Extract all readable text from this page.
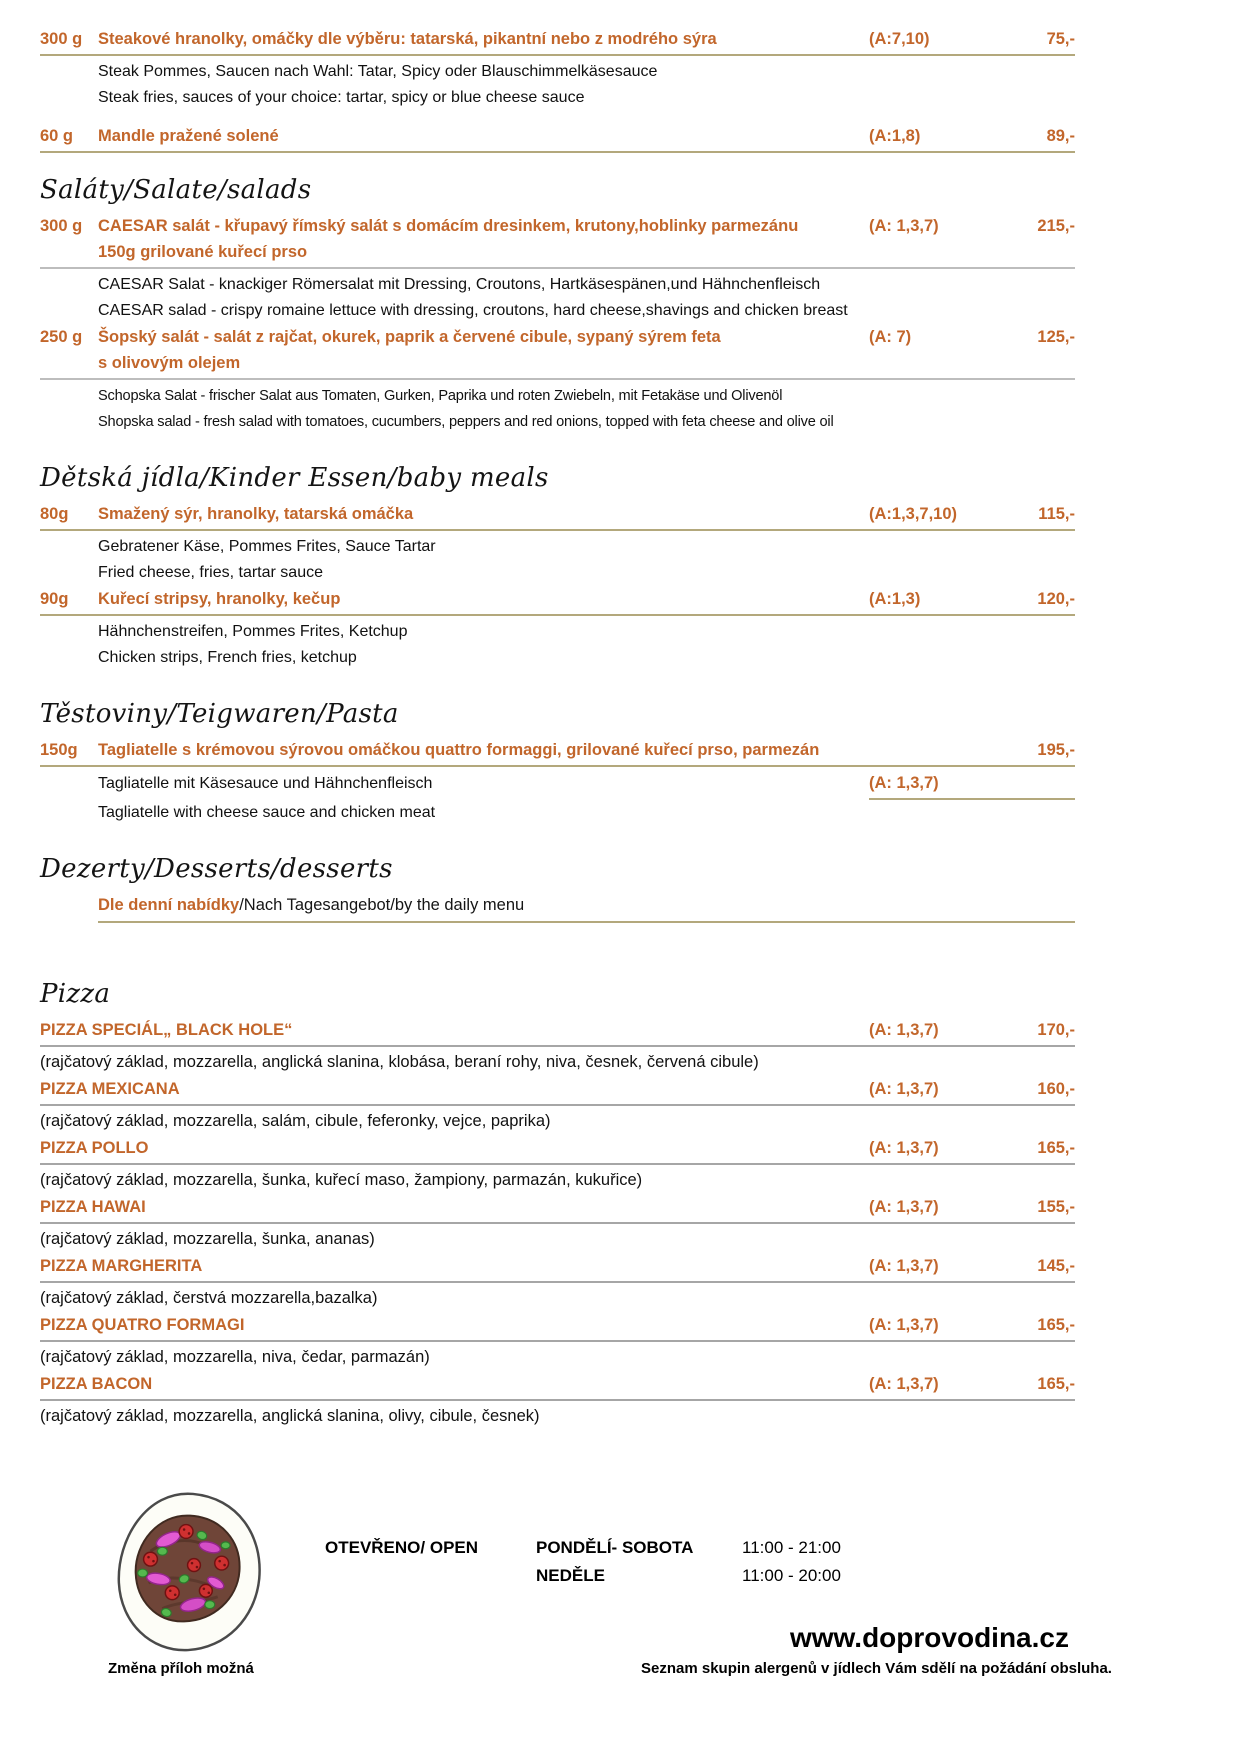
300 g Steakové hranolky, omáčky dle výběru: tatarská, pikantní nebo z modrého sýra	(A:7,10)	75,-
Steak Pommes, Saucen nach Wahl: Tatar, Spicy oder Blauschimmelkäsesauce
Steak fries, sauces of your choice: tartar, spicy or blue cheese sauce
60 g	Mandle pražené solené	(A:1,8)	89,-
Saláty/Salate/salads
300 g CAESAR salát - křupavý římský salát s domácím dresinkem, krutony,hoblinky parmezánu	(A: 1,3,7)	215,-
150g grilované kuřecí prso
CAESAR Salat - knackiger Römersalat mit Dressing, Croutons, Hartkäsespänen,und Hähnchenfleisch
CAESAR salad - crispy romaine lettuce with dressing, croutons, hard cheese,shavings and chicken breast
250 g Šopský salát - salát z rajčat, okurek, paprik a červené cibule, sypaný sýrem feta	(A: 7)	125,-
s olivovým olejem
Schopska Salat - frischer Salat aus Tomaten, Gurken, Paprika und roten Zwiebeln, mit Fetakäse und Olivenöl
Shopska salad - fresh salad with tomatoes, cucumbers, peppers and red onions, topped with feta cheese and olive oil
Dětská jídla/Kinder Essen/baby meals
80g	Smažený sýr, hranolky, tatarská omáčka	(A:1,3,7,10)	115,-
Gebratener Käse, Pommes Frites, Sauce Tartar
Fried cheese, fries, tartar sauce
90g	Kuřecí stripsy, hranolky, kečup	(A:1,3)	120,-
Hähnchenstreifen, Pommes Frites, Ketchup
Chicken strips, French fries, ketchup
Těstoviny/Teigwaren/Pasta
150g	Tagliatelle s krémovou sýrovou omáčkou quattro formaggi, grilované kuřecí prso, parmezán	195,-
Tagliatelle mit Käsesauce und Hähnchenfleisch	(A: 1,3,7)
Tagliatelle with cheese sauce and chicken meat
Dezerty/Desserts/desserts
Dle denní nabídky/Nach Tagesangebot/by the daily menu
Pizza
PIZZA SPECIÁL„ BLACK HOLE“	(A: 1,3,7)	170,-
(rajčatový základ, mozzarella, anglická slanina, klobása, beraní rohy, niva, česnek, červená cibule)
PIZZA MEXICANA	(A: 1,3,7)	160,-
(rajčatový základ, mozzarella, salám, cibule, feferonky, vejce, paprika)
PIZZA POLLO	(A: 1,3,7)	165,-
(rajčatový základ, mozzarella, šunka, kuřecí maso, žampiony, parmazán, kukuřice)
PIZZA HAWAI	(A: 1,3,7)	155,-
(rajčatový základ, mozzarella, šunka, ananas)
PIZZA MARGHERITA	(A: 1,3,7)	145,-
(rajčatový základ, čerstvá mozzarella,bazalka)
PIZZA QUATRO FORMAGI	(A: 1,3,7)	165,-
(rajčatový základ, mozzarella, niva, čedar, parmazán)
PIZZA BACON	(A: 1,3,7)	165,-
(rajčatový základ, mozzarella, anglická slanina, olivy, cibule, česnek)
OTEVŘENO/ OPEN	PONDĚLÍ- SOBOTA	11:00 - 21:00
NEDĚLE	11:00 - 20:00
www.doprovodina.cz
Změna příloh možná	Seznam skupin alergenů v jídlech Vám sdělí na požádání obsluha.
